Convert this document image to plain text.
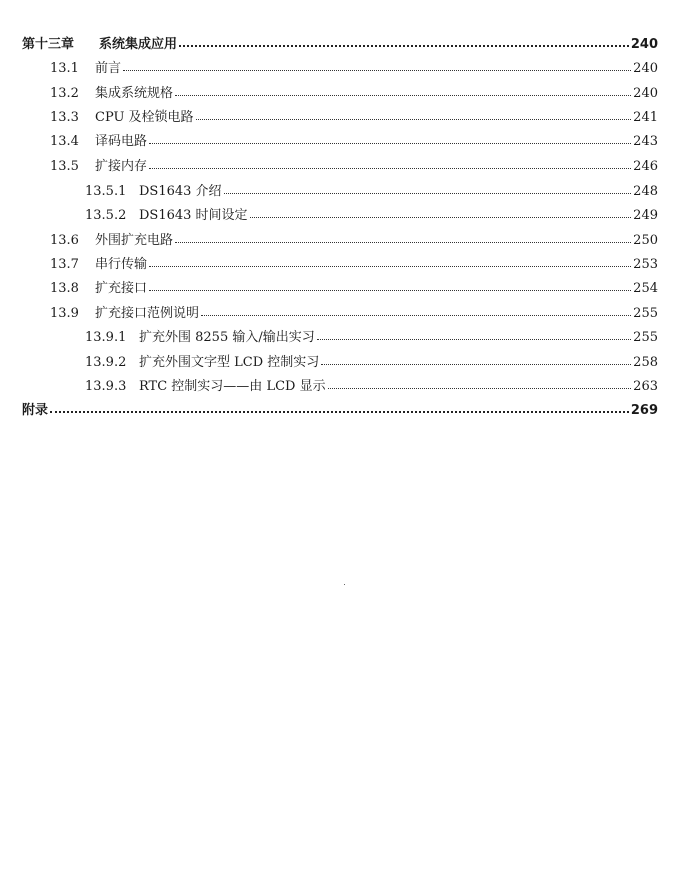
第十三章	系统集成应用	240
13.1	前言	240
13.2	集成系统规格	240
13.3	CPU 及栓锁电路	241
13.4	译码电路	243
13.5	扩接内存	246
13.5.1 DS1643 介绍	248
13.5.2 DS1643 时间设定	249
13.6	外围扩充电路	250
13.7	串行传输	253
13.8	扩充接口	254
13.9	扩充接口范例说明	255
13.9.1 扩充外围 8255 输入/输出实习	255
13.9.2 扩充外围文字型 LCD 控制实习	258
13.9.3 RTC 控制实习——由 LCD 显示	263
附录	269
